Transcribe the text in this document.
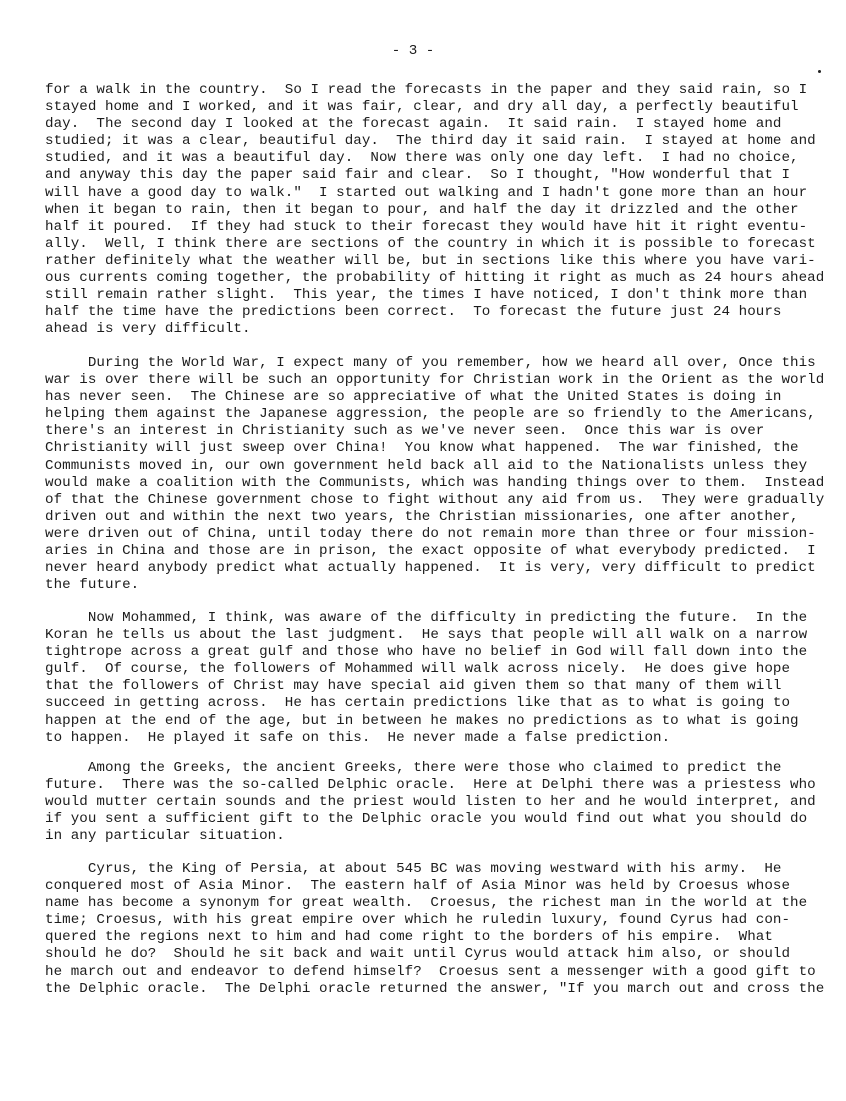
- 3 -
for a walk in the country.  So I read the forecasts in the paper and they said rain, so I
stayed home and I worked, and it was fair, clear, and dry all day, a perfectly beautiful
day.  The second day I looked at the forecast again.  It said rain.  I stayed home and
studied; it was a clear, beautiful day.  The third day it said rain.  I stayed at home and
studied, and it was a beautiful day.  Now there was only one day left.  I had no choice,
and anyway this day the paper said fair and clear.  So I thought, "How wonderful that I
will have a good day to walk."  I started out walking and I hadn't gone more than an hour
when it began to rain, then it began to pour, and half the day it drizzled and the other
half it poured.  If they had stuck to their forecast they would have hit it right eventu-
ally.  Well, I think there are sections of the country in which it is possible to forecast
rather definitely what the weather will be, but in sections like this where you have vari-
ous currents coming together, the probability of hitting it right as much as 24 hours ahead
still remain rather slight.  This year, the times I have noticed, I don't think more than
half the time have the predictions been correct.  To forecast the future just 24 hours
ahead is very difficult.
During the World War, I expect many of you remember, how we heard all over, Once this
war is over there will be such an opportunity for Christian work in the Orient as the world
has never seen.  The Chinese are so appreciative of what the United States is doing in
helping them against the Japanese aggression, the people are so friendly to the Americans,
there's an interest in Christianity such as we've never seen.  Once this war is over
Christianity will just sweep over China!  You know what happened.  The war finished, the
Communists moved in, our own government held back all aid to the Nationalists unless they
would make a coalition with the Communists, which was handing things over to them.  Instead
of that the Chinese government chose to fight without any aid from us.  They were gradually
driven out and within the next two years, the Christian missionaries, one after another,
were driven out of China, until today there do not remain more than three or four mission-
aries in China and those are in prison, the exact opposite of what everybody predicted.  I
never heard anybody predict what actually happened.  It is very, very difficult to predict
the future.
Now Mohammed, I think, was aware of the difficulty in predicting the future.  In the
Koran he tells us about the last judgment.  He says that people will all walk on a narrow
tightrope across a great gulf and those who have no belief in God will fall down into the
gulf.  Of course, the followers of Mohammed will walk across nicely.  He does give hope
that the followers of Christ may have special aid given them so that many of them will
succeed in getting across.  He has certain predictions like that as to what is going to
happen at the end of the age, but in between he makes no predictions as to what is going
to happen.  He played it safe on this.  He never made a false prediction.
Among the Greeks, the ancient Greeks, there were those who claimed to predict the
future.  There was the so-called Delphic oracle.  Here at Delphi there was a priestess who
would mutter certain sounds and the priest would listen to her and he would interpret, and
if you sent a sufficient gift to the Delphic oracle you would find out what you should do
in any particular situation.
Cyrus, the King of Persia, at about 545 BC was moving westward with his army.  He
conquered most of Asia Minor.  The eastern half of Asia Minor was held by Croesus whose
name has become a synonym for great wealth.  Croesus, the richest man in the world at the
time; Croesus, with his great empire over which he ruledin luxury, found Cyrus had con-
quered the regions next to him and had come right to the borders of his empire.  What
should he do?  Should he sit back and wait until Cyrus would attack him also, or should
he march out and endeavor to defend himself?  Croesus sent a messenger with a good gift to
the Delphic oracle.  The Delphi oracle returned the answer, "If you march out and cross the
